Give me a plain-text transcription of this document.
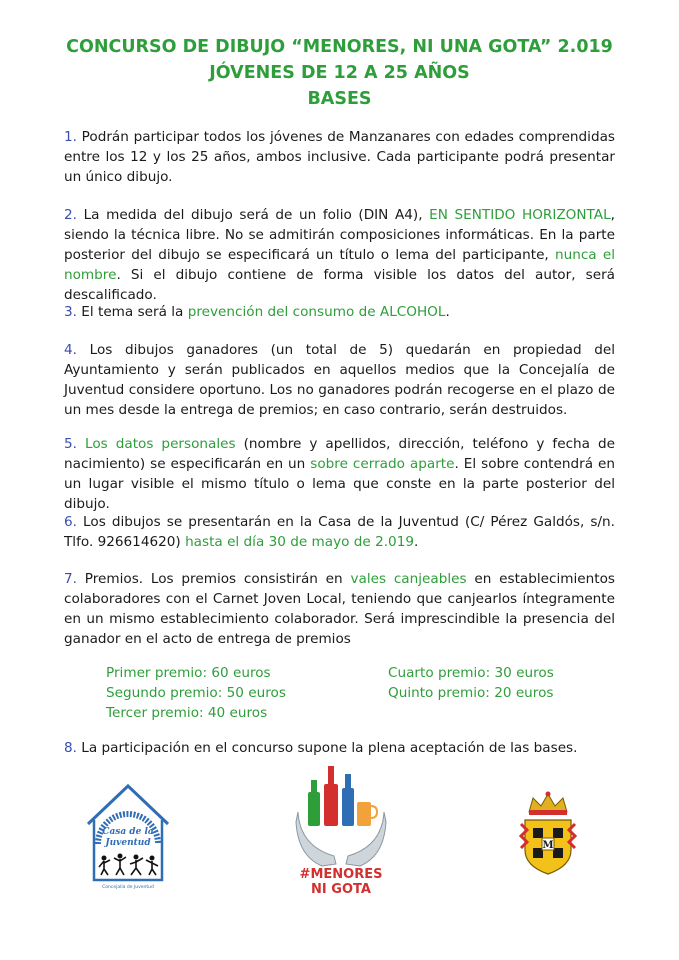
CONCURSO DE DIBUJO “MENORES, NI UNA GOTA” 2.019
JÓVENES DE 12 A 25 AÑOS
BASES
1. Podrán participar todos los jóvenes de Manzanares con edades comprendidas entre los 12 y los 25 años, ambos inclusive. Cada participante podrá presentar un único dibujo.
2. La medida del dibujo será de un folio (DIN A4), EN SENTIDO HORIZONTAL, siendo la técnica libre. No se admitirán composiciones informáticas. En la parte posterior del dibujo se especificará un título o lema del participante, nunca el nombre. Si el dibujo contiene de forma visible los datos del autor, será descalificado.
3. El tema será la prevención del consumo de ALCOHOL.
4. Los dibujos ganadores (un total de 5) quedarán en propiedad del Ayuntamiento y serán publicados en aquellos medios que la Concejalía de Juventud considere oportuno. Los no ganadores podrán recogerse en el plazo de un mes desde la entrega de premios; en caso contrario, serán destruidos.
5. Los datos personales (nombre y apellidos, dirección, teléfono y fecha de nacimiento) se especificarán en un sobre cerrado aparte. El sobre contendrá en un lugar visible el mismo título o lema que conste en la parte posterior del dibujo.
6. Los dibujos se presentarán en la Casa de la Juventud (C/ Pérez Galdós, s/n. Tlfo. 926614620) hasta el día 30 de mayo de 2.019.
7. Premios. Los premios consistirán en vales canjeables en establecimientos colaboradores con el Carnet Joven Local, teniendo que canjearlos íntegramente en un mismo establecimiento colaborador. Será imprescindible la presencia del ganador en el acto de entrega de premios
Primer premio: 60 euros
Segundo premio: 50 euros
Tercer premio: 40 euros
Cuarto premio: 30 euros
Quinto premio: 20 euros
8. La participación en el concurso supone la plena aceptación de las bases.
Casa de la
Juventud
Concejalía de Juventud
#MENORES
NI GOTA
M
